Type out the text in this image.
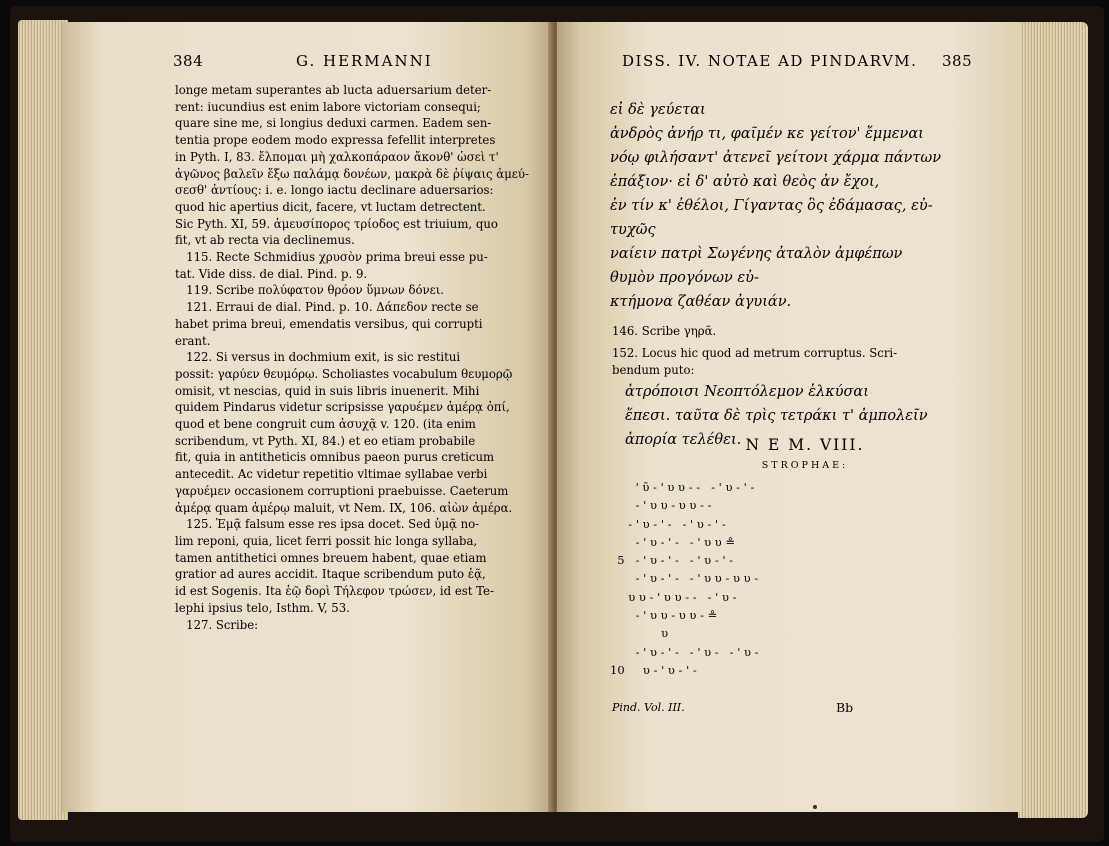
384	G. HERMANNI
longe metam superantes ab lucta aduersarium deter-
rent: iucundius est enim labore victoriam consequi;
quare sine me, si longius deduxi carmen. Eadem sen-
tentia prope eodem modo expressa fefellit interpretes
in Pyth. I, 83. ἔλπομαι μὴ χαλκοπάραον ἄκονθ' ὡσεὶ τ'
ἀγῶνος βαλεῖν ἔξω παλάμᾳ δονέων, μακρὰ δὲ ῥίψαις ἀμεύ-
σεσθ' ἀντίους: i. e. longo iactu declinare aduersarios:
quod hic apertius dicit, facere, vt luctam detrectent.
Sic Pyth. XI, 59. ἀμευσίπορος τρίοδος est triuium, quo
fit, vt ab recta via declinemus.
115. Recte Schmidius χρυσὸν prima breui esse pu-
tat. Vide diss. de dial. Pind. p. 9.
119. Scribe πολύφατον θρόον ὕμνων δόνει.
121. Erraui de dial. Pind. p. 10. Δάπεδον recte se
habet prima breui, emendatis versibus, qui corrupti
erant.
122. Si versus in dochmium exit, is sic restitui
possit: γαρύεν θευμόρῳ. Scholiastes vocabulum θευμορῷ
omisit, vt nescias, quid in suis libris inuenerit. Mihi
quidem Pindarus videtur scripsisse γαρυέμεν ἀμέρᾳ ὀπί,
quod et bene congruit cum ἀσυχᾷ v. 120. (ita enim
scribendum, vt Pyth. XI, 84.) et eo etiam probabile
fit, quia in antitheticis omnibus paeon purus creticum
antecedit. Ac videtur repetitio vltimae syllabae verbi
γαρυέμεν occasionem corruptioni praebuisse. Caeterum
ἀμέρᾳ quam ἀμέρῳ maluit, vt Nem. IX, 106. αἰὼν ἀμέρα.
125. Ἐμᾷ falsum esse res ipsa docet. Sed ὑμᾷ no-
lim reponi, quia, licet ferri possit hic longa syllaba,
tamen antithetici omnes breuem habent, quae etiam
gratior ad aures accidit. Itaque scribendum puto ἑᾷ,
id est Sogenis. Ita ἑῷ δορὶ Τήλεφον τρώσεν, id est Te-
lephi ipsius telo, Isthm. V, 53.
127. Scribe:
DISS. IV. NOTAE AD PINDARVM. 385
εἰ δὲ γεύεται
ἀνδρὸς ἀνήρ τι, φαῖμέν κε γείτον' ἔμμεναι
νόῳ φιλήσαντ' ἀτενεῖ γείτονι χάρμα πάντων
ἐπάξιον· εἰ δ' αὐτὸ καὶ θεὸς ἀν ἔχοι,
ἐν τίν κ' ἐθέλοι, Γίγαντας ὃς ἐδάμασας, εὐ-
τυχῶς
ναίειν πατρὶ Σωγένης ἀταλὸν ἀμφέπων
θυμὸν προγόνων εὐ-
κτήμονα ζαθέαν ἀγυιάν.
146. Scribe γηρᾶ.
152. Locus hic quod ad metrum corruptus. Scri-
bendum puto:
ἀτρόποισι Νεοπτόλεμον ἑλκύσαι
ἔπεσι. ταῦτα δὲ τρὶς τετράκι τ' ἀμπολεῖν
ἀπορία τελέθει. N E M. VIII.
STROPHAE:
' ῡ - ' υ υ - -   - ' υ - ' -
- ' υ υ - υ υ - -
- ' υ - ' -   - ' υ - ' -
- ' υ - ' -   - ' υ υ ≗
5   - ' υ - ' -   - ' υ - ' -
- ' υ - ' -   - ' υ υ - υ υ -
υ υ - ' υ υ - -   - ' υ -
- ' υ υ - υ υ - ≗
υ
- ' υ - ' -   - ' υ -   - ' υ -
10     υ - ' υ - ' -
Pind. Vol. III.	Bb
